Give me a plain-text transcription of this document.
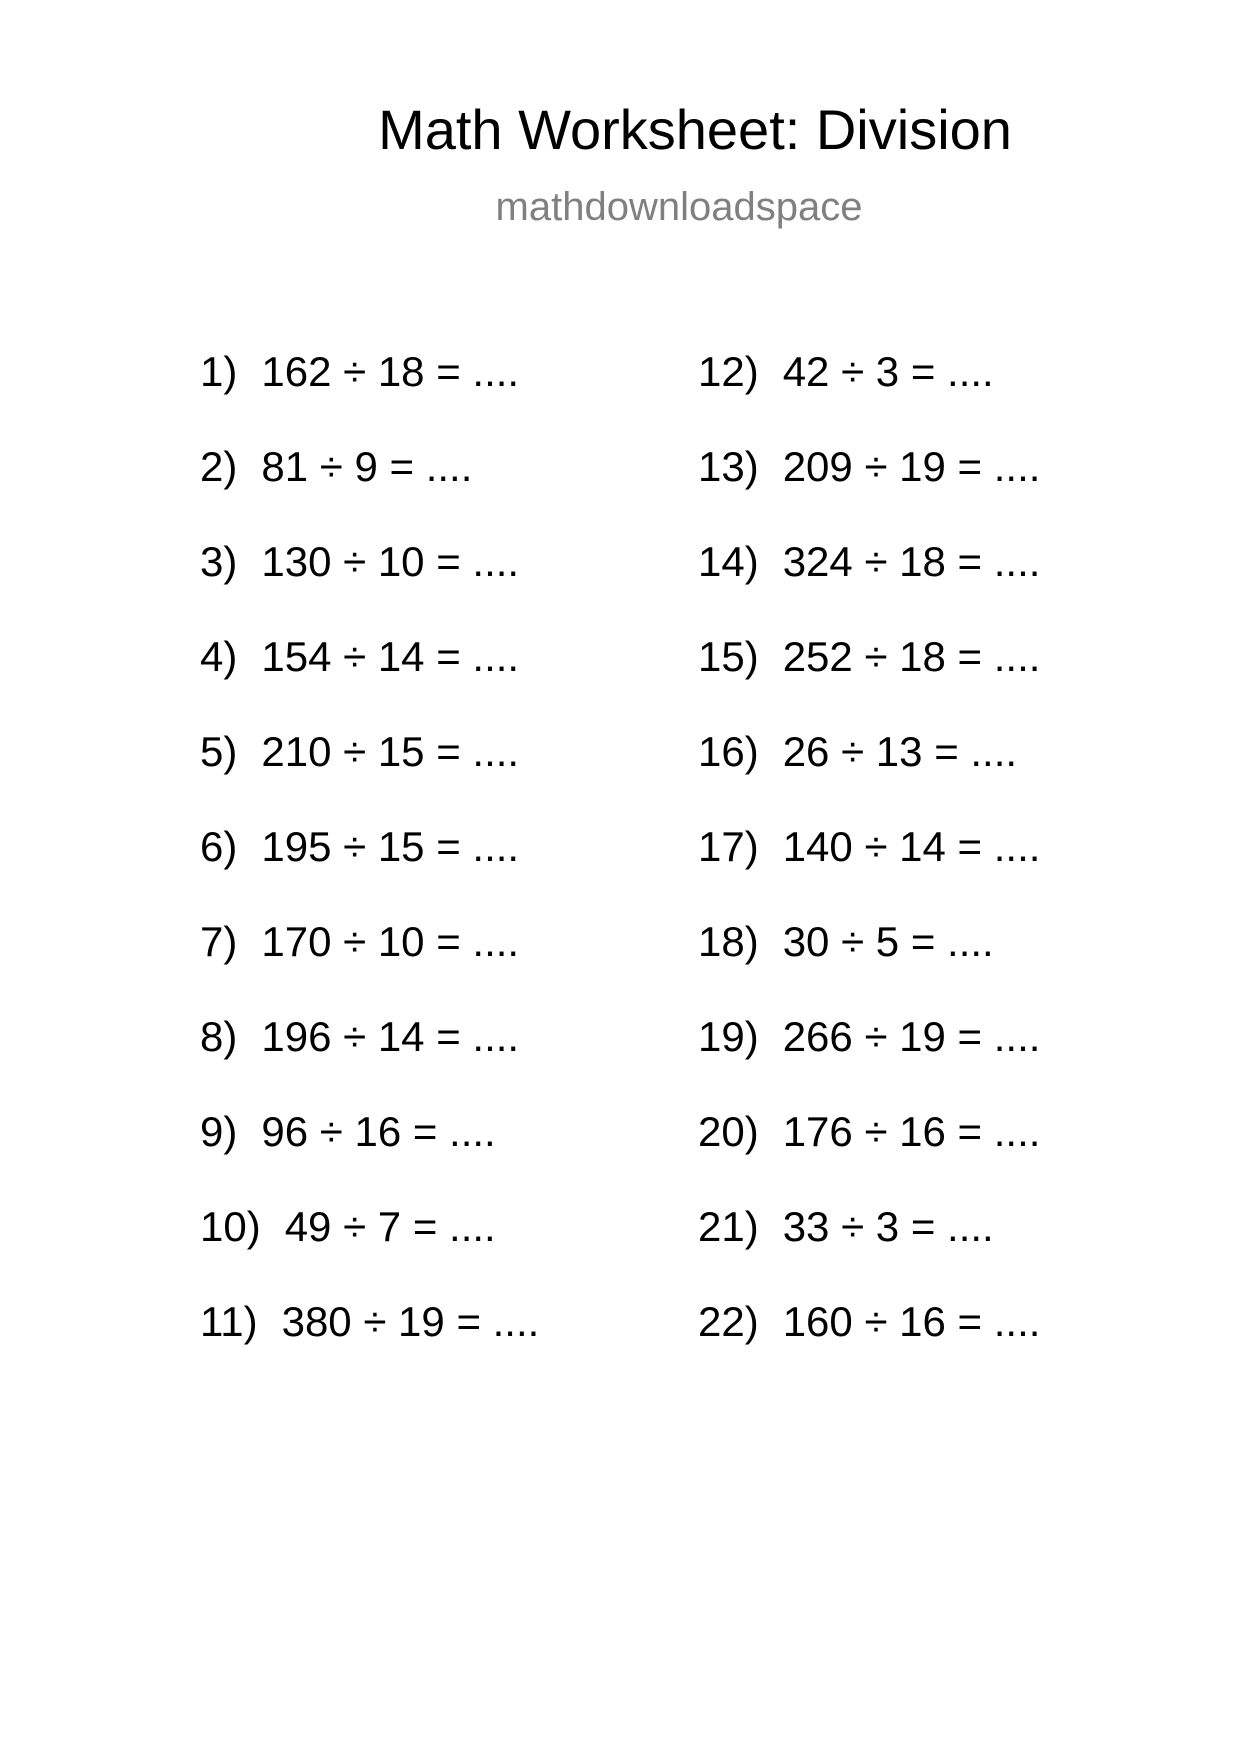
Math Worksheet: Division
mathdownloadspace
1) 162 ÷ 18 = ....
2) 81 ÷ 9 = ....
3) 130 ÷ 10 = ....
4) 154 ÷ 14 = ....
5) 210 ÷ 15 = ....
6) 195 ÷ 15 = ....
7) 170 ÷ 10 = ....
8) 196 ÷ 14 = ....
9) 96 ÷ 16 = ....
10) 49 ÷ 7 = ....
11) 380 ÷ 19 = ....
12) 42 ÷ 3 = ....
13) 209 ÷ 19 = ....
14) 324 ÷ 18 = ....
15) 252 ÷ 18 = ....
16) 26 ÷ 13 = ....
17) 140 ÷ 14 = ....
18) 30 ÷ 5 = ....
19) 266 ÷ 19 = ....
20) 176 ÷ 16 = ....
21) 33 ÷ 3 = ....
22) 160 ÷ 16 = ....
